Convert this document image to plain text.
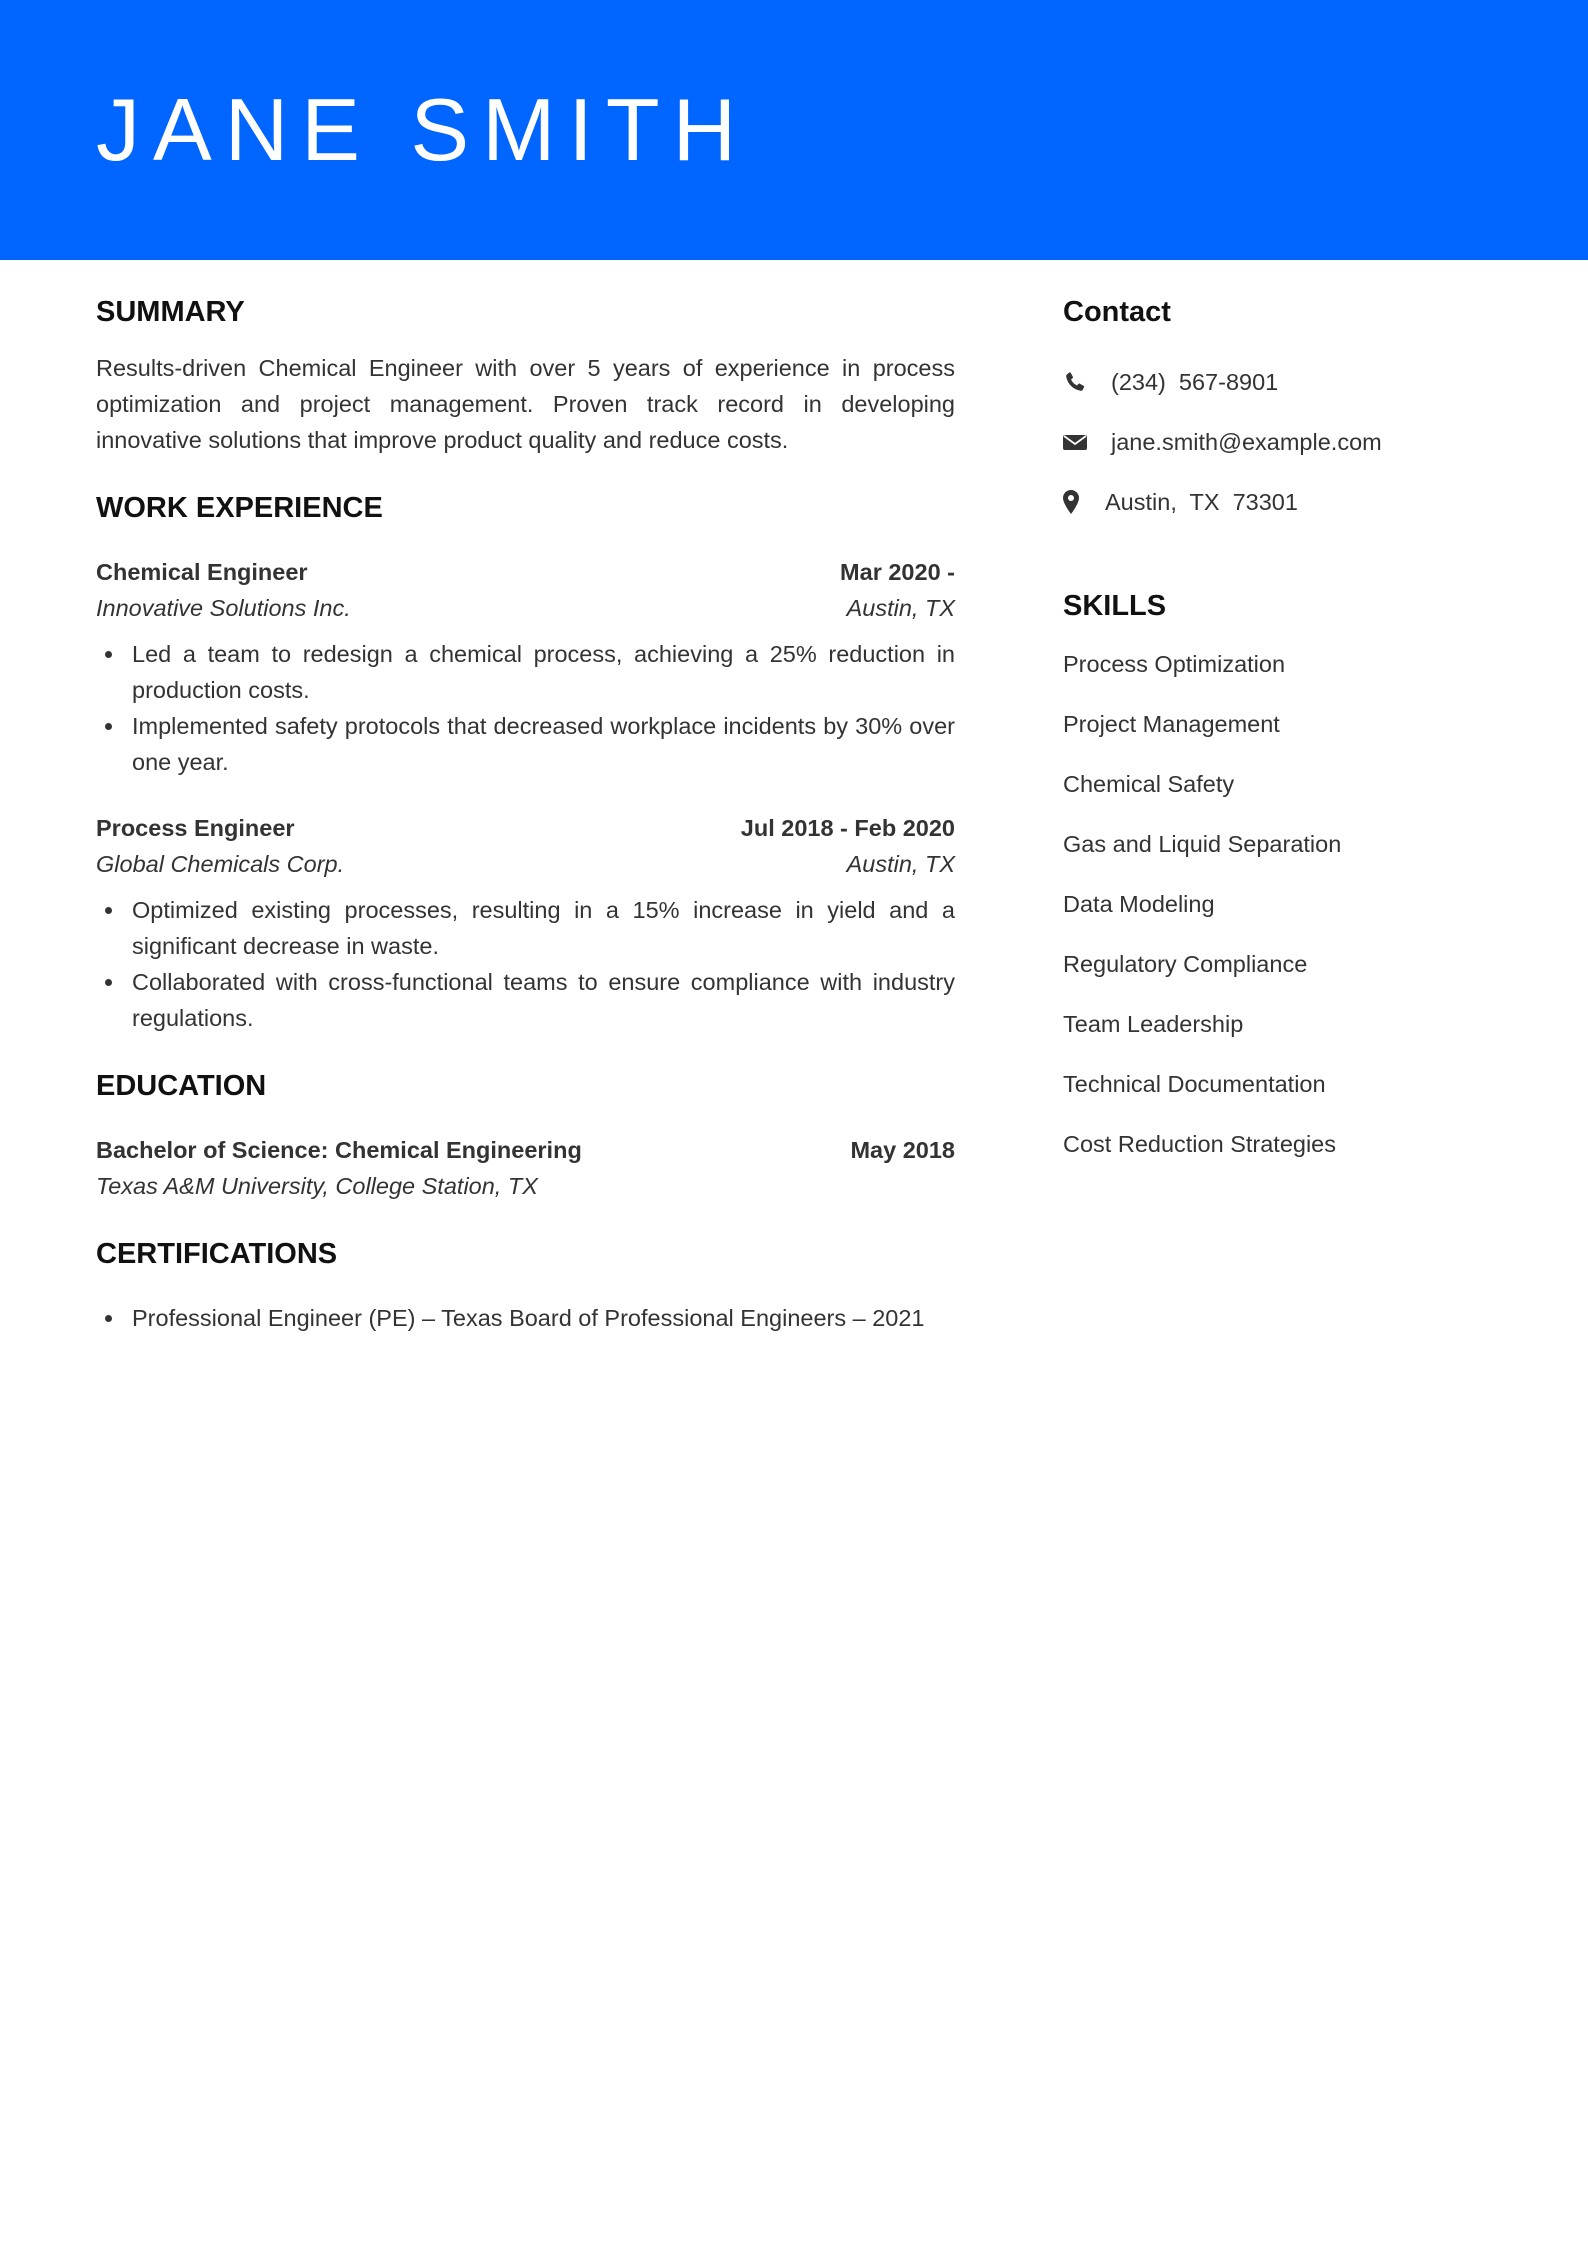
JANE SMITH
SUMMARY

Results-driven Chemical Engineer with over 5 years of experience in process optimization and project management. Proven track record in developing innovative solutions that improve product quality and reduce costs.

WORK EXPERIENCE
Chemical Engineer	Mar 2020 -
Innovative Solutions Inc.	Austin, TX
Led a team to redesign a chemical process, achieving a 25% reduction in production costs.
Implemented safety protocols that decreased workplace incidents by 30% over one year.
Process Engineer	Jul 2018 - Feb 2020
Global Chemicals Corp.	Austin, TX
Optimized existing processes, resulting in a 15% increase in yield and a significant decrease in waste.
Collaborated with cross-functional teams to ensure compliance with industry regulations.
EDUCATION
Bachelor of Science: Chemical Engineering	May 2018
Texas A&M University, College Station, TX
CERTIFICATIONS
Professional Engineer (PE) – Texas Board of Professional Engineers – 2021
Contact
(234)  567-8901
jane.smith@example.com
Austin,  TX  73301
SKILLS
Process Optimization
Project Management
Chemical Safety
Gas and Liquid Separation
Data Modeling
Regulatory Compliance
Team Leadership
Technical Documentation
Cost Reduction Strategies
